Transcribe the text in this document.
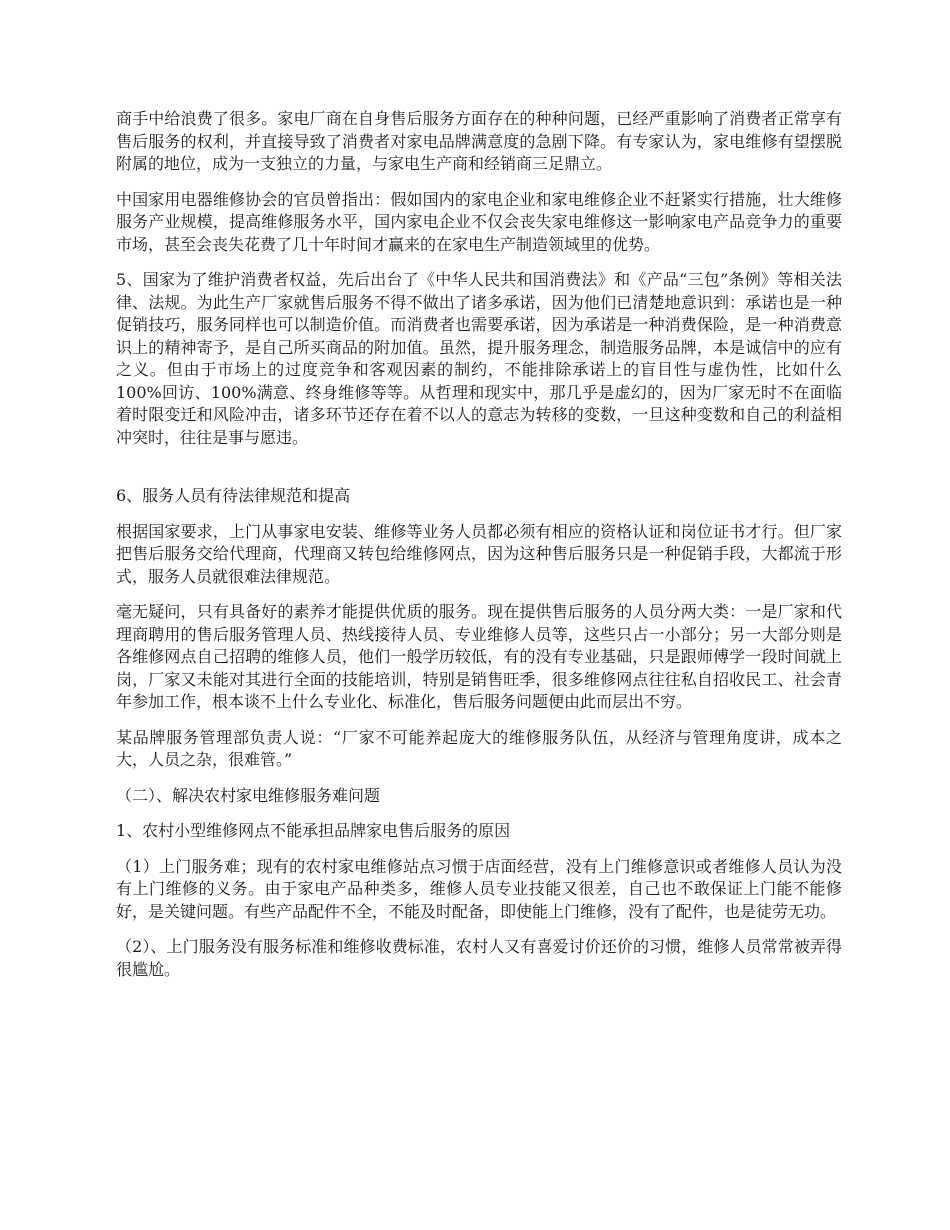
商手中给浪费了很多。家电厂商在自身售后服务方面存在的种种问题，已经严重影响了消费者正常享有售后服务的权利，并直接导致了消费者对家电品牌满意度的急剧下降。有专家认为，家电维修有望摆脱附属的地位，成为一支独立的力量，与家电生产商和经销商三足鼎立。

中国家用电器维修协会的官员曾指出：假如国内的家电企业和家电维修企业不赶紧实行措施，壮大维修服务产业规模，提高维修服务水平，国内家电企业不仅会丧失家电维修这一影响家电产品竞争力的重要市场，甚至会丧失花费了几十年时间才赢来的在家电生产制造领域里的优势。

5、国家为了维护消费者权益，先后出台了《中华人民共和国消费法》和《产品“三包”条例》等相关法律、法规。为此生产厂家就售后服务不得不做出了诸多承诺，因为他们已清楚地意识到：承诺也是一种促销技巧，服务同样也可以制造价值。而消费者也需要承诺，因为承诺是一种消费保险，是一种消费意识上的精神寄予，是自己所买商品的附加值。虽然，提升服务理念，制造服务品牌，本是诚信中的应有之义。但由于市场上的过度竞争和客观因素的制约，不能排除承诺上的盲目性与虚伪性，比如什么 100%回访、100%满意、终身维修等等。从哲理和现实中，那几乎是虚幻的，因为厂家无时不在面临着时限变迁和风险冲击，诸多环节还存在着不以人的意志为转移的变数，一旦这种变数和自己的利益相冲突时，往往是事与愿违。

6、服务人员有待法律规范和提高

根据国家要求，上门从事家电安装、维修等业务人员都必须有相应的资格认证和岗位证书才行。但厂家把售后服务交给代理商，代理商又转包给维修网点，因为这种售后服务只是一种促销手段，大都流于形式，服务人员就很难法律规范。

毫无疑问，只有具备好的素养才能提供优质的服务。现在提供售后服务的人员分两大类：一是厂家和代理商聘用的售后服务管理人员、热线接待人员、专业维修人员等，这些只占一小部分；另一大部分则是各维修网点自己招聘的维修人员，他们一般学历较低，有的没有专业基础，只是跟师傅学一段时间就上岗，厂家又未能对其进行全面的技能培训，特别是销售旺季，很多维修网点往往私自招收民工、社会青年参加工作，根本谈不上什么专业化、标准化，售后服务问题便由此而层出不穷。

某品牌服务管理部负责人说：“厂家不可能养起庞大的维修服务队伍，从经济与管理角度讲，成本之大，人员之杂，很难管。”

（二）、解决农村家电维修服务难问题

1、农村小型维修网点不能承担品牌家电售后服务的原因

（1）上门服务难；现有的农村家电维修站点习惯于店面经营，没有上门维修意识或者维修人员认为没有上门维修的义务。由于家电产品种类多，维修人员专业技能又很差，自己也不敢保证上门能不能修好，是关键问题。有些产品配件不全，不能及时配备，即使能上门维修，没有了配件，也是徒劳无功。

（2）、上门服务没有服务标准和维修收费标准，农村人又有喜爱讨价还价的习惯，维修人员常常被弄得很尴尬。
